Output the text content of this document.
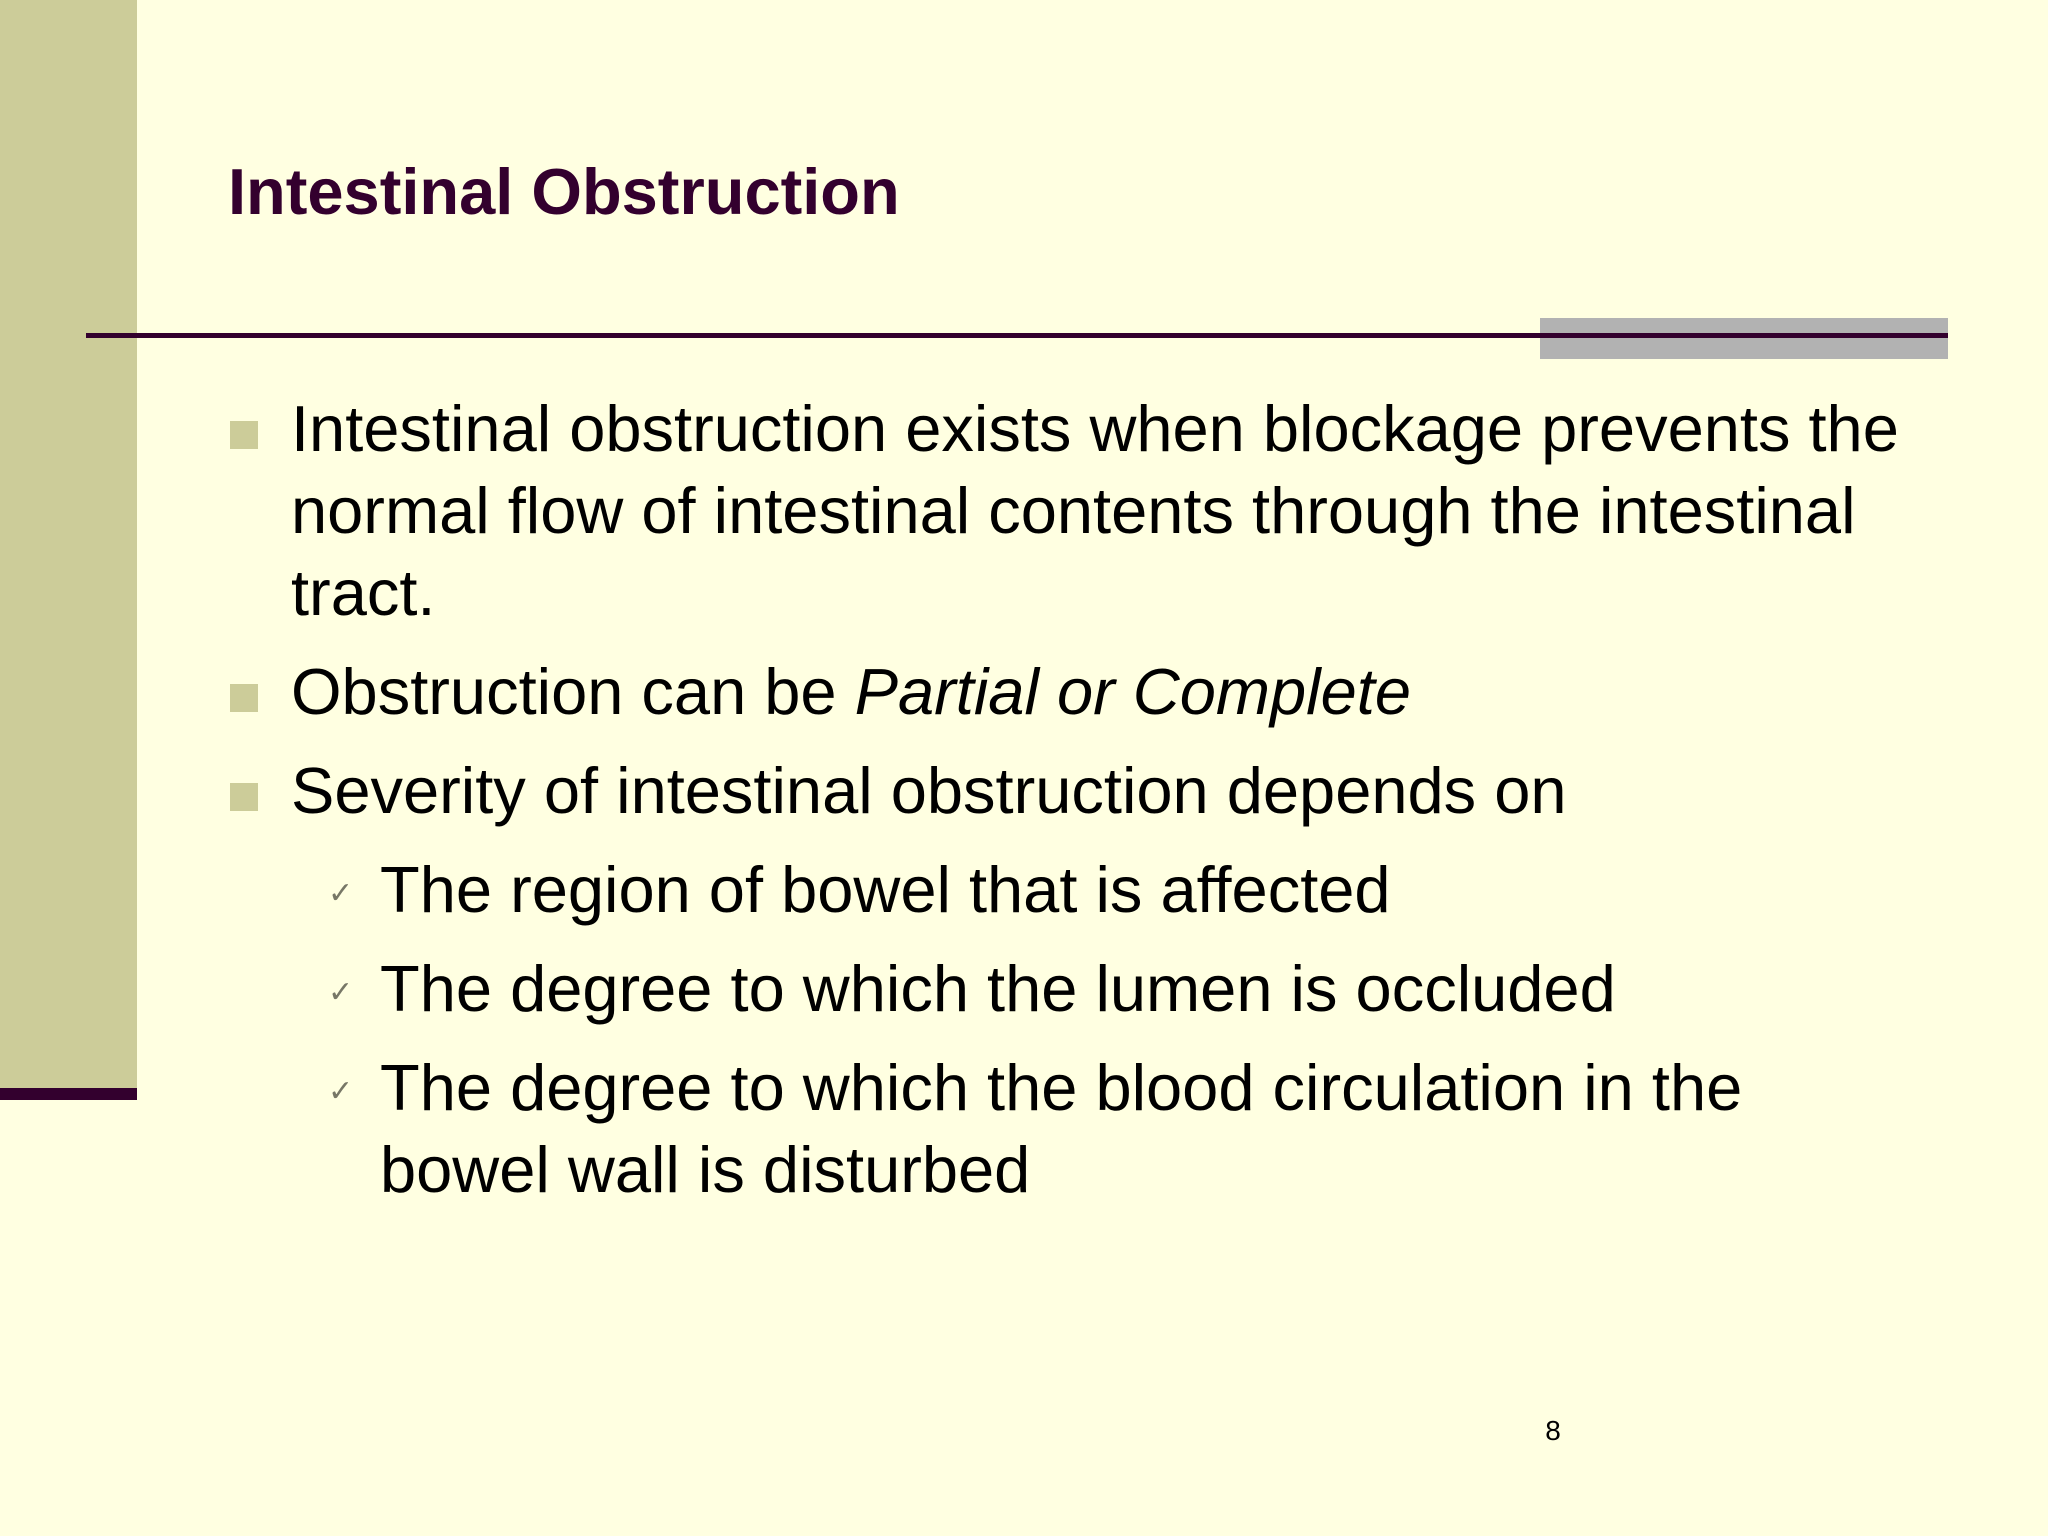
Intestinal Obstruction
Intestinal obstruction exists when blockage prevents the normal flow of intestinal contents through the intestinal tract.
Obstruction can be Partial or Complete
Severity of intestinal obstruction depends on
✓ The region of bowel that is affected
✓ The degree to which the lumen is occluded
✓ The degree to which the blood circulation in the bowel wall is disturbed
8
